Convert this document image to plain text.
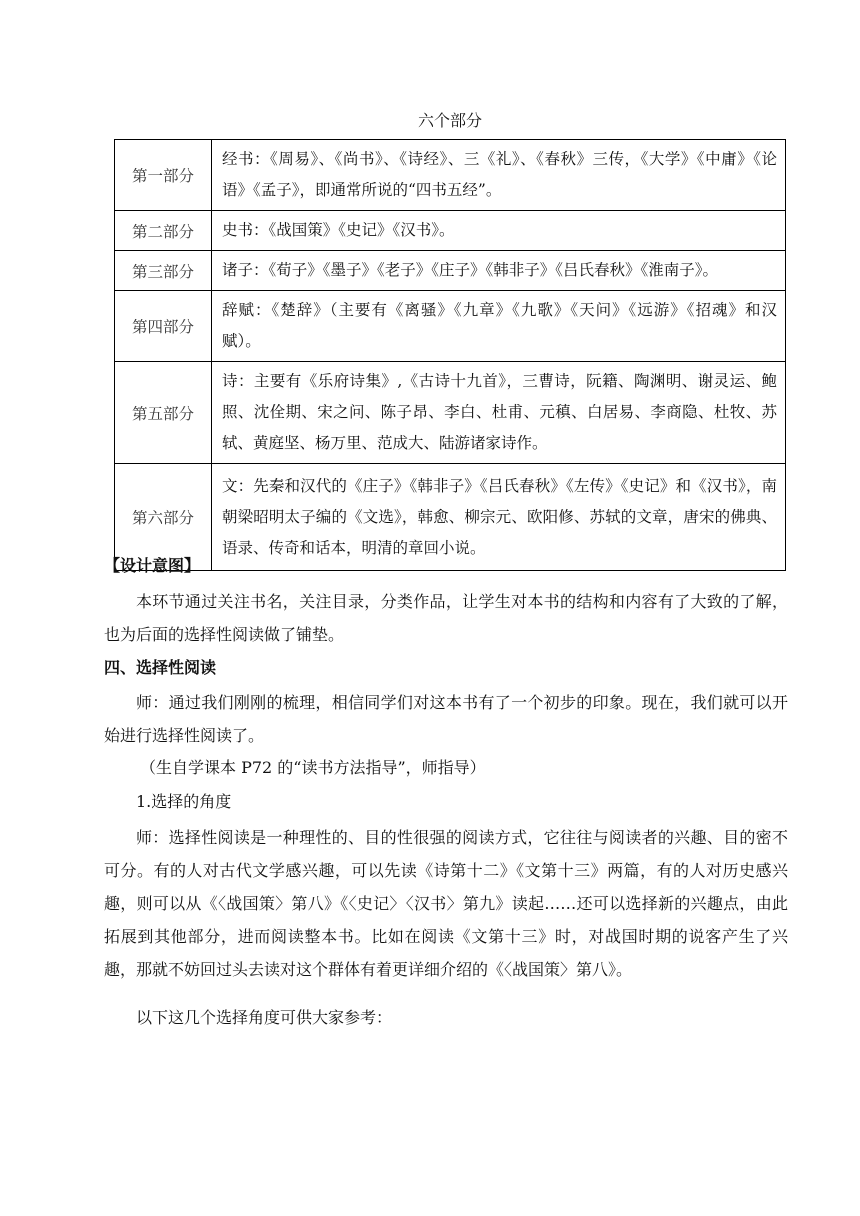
六个部分
第一部分	经书：《周易》、《尚书》、《诗经》、三《礼》、《春秋》三传，《大学》《中庸》《论语》《孟子》，即通常所说的“四书五经”。
第二部分	史书：《战国策》《史记》《汉书》。
第三部分	诸子：《荀子》《墨子》《老子》《庄子》《韩非子》《吕氏春秋》《淮南子》。
第四部分	辞赋：《楚辞》（主要有《离骚》《九章》《九歌》《天问》《远游》《招魂》和汉赋）。
第五部分	诗：主要有《乐府诗集》,《古诗十九首》，三曹诗，阮籍、陶渊明、谢灵运、鲍照、沈佺期、宋之问、陈子昂、李白、杜甫、元稹、白居易、李商隐、杜牧、苏轼、黄庭坚、杨万里、范成大、陆游诸家诗作。
第六部分	文：先秦和汉代的《庄子》《韩非子》《吕氏春秋》《左传》《史记》和《汉书》，南朝梁昭明太子编的《文选》，韩愈、柳宗元、欧阳修、苏轼的文章，唐宋的佛典、语录、传奇和话本，明清的章回小说。
【设计意图】
本环节通过关注书名，关注目录，分类作品，让学生对本书的结构和内容有了大致的了解，也为后面的选择性阅读做了铺垫。
四、选择性阅读
师：通过我们刚刚的梳理，相信同学们对这本书有了一个初步的印象。现在，我们就可以开始进行选择性阅读了。
（生自学课本 P72 的“读书方法指导”，师指导）
1.选择的角度
师：选择性阅读是一种理性的、目的性很强的阅读方式，它往往与阅读者的兴趣、目的密不可分。有的人对古代文学感兴趣，可以先读《诗第十二》《文第十三》两篇，有的人对历史感兴趣，则可以从《〈战国策〉第八》《〈史记〉〈汉书〉第九》读起……还可以选择新的兴趣点，由此拓展到其他部分，进而阅读整本书。比如在阅读《文第十三》时，对战国时期的说客产生了兴趣，那就不妨回过头去读对这个群体有着更详细介绍的《〈战国策〉第八》。
以下这几个选择角度可供大家参考：
